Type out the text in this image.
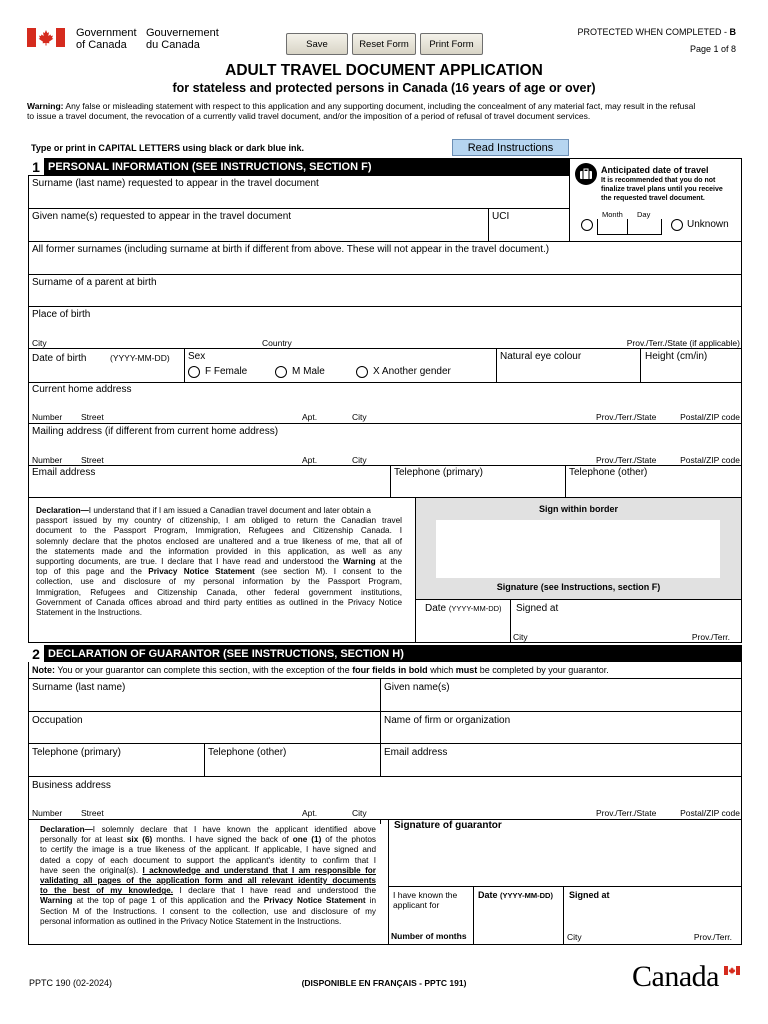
Government
of Canada
Gouvernement
du Canada	Save	Reset Form	Print Form
PROTECTED WHEN COMPLETED - B
Page 1 of 8
ADULT TRAVEL DOCUMENT APPLICATION
for stateless and protected persons in Canada (16 years of age or over)
Warning: Any false or misleading statement with respect to this application and any supporting document, including the concealment of any material fact, may result in the refusal
to issue a travel document, the revocation of a currently valid travel document, and/or the imposition of a period of refusal of travel document services.
Type or print in CAPITAL LETTERS using black or dark blue ink.	Read Instructions
1 PERSONAL INFORMATION (SEE INSTRUCTIONS, SECTION F)	Anticipated date of travel
It is recommended that you do not
finalize travel plans until you receive
the requested travel document.
Month Day
Unknown
Surname (last name) requested to appear in the travel document
Given name(s) requested to appear in the travel document	UCI
All former surnames (including surname at birth if different from above. These will not appear in the travel document.)
Surname of a parent at birth
Place of birth
City	Country	Prov./Terr./State (if applicable)
Date of birth	(YYYY-MM-DD) Sex
F Female	M Male	X Another gender
Natural eye colour	Height (cm/in)
Current home address
Number Street	Apt.	City	Prov./Terr./State	Postal/ZIP code
Mailing address (if different from current home address)
Number Street	Apt.	City	Prov./Terr./State	Postal/ZIP code
Email address	Telephone (primary)	Telephone (other)
Declaration—I understand that if I am issued a Canadian travel document and later obtain a
passport issued by my country of citizenship, I am obliged to return the Canadian travel
document to the Passport Program, Immigration, Refugees and Citizenship Canada. I
solemnly declare that the photos enclosed are unaltered and a true likeness of me, that all of
the statements made and the information provided in this application, as well as any
supporting documents, are true. I declare that I have read and understood the Warning at the
top of this page and the Privacy Notice Statement (see section M). I consent to the
collection, use and disclosure of my personal information by the Passport Program,
Immigration, Refugees and Citizenship Canada, other federal government institutions,
Government of Canada offices abroad and third party entities as outlined in the Privacy Notice
Statement in the Instructions.
Sign within border
Signature (see Instructions, section F)
Date (YYYY-MM-DD) Signed at
City	Prov./Terr.
2 DECLARATION OF GUARANTOR (SEE INSTRUCTIONS, SECTION H)
Note: You or your guarantor can complete this section, with the exception of the four fields in bold which must be completed by your guarantor.
Surname (last name)	Given name(s)
Occupation	Name of firm or organization
Telephone (primary)	Telephone (other)	Email address
Business address
Number Street	Apt.	City	Prov./Terr./State	Postal/ZIP code
Declaration—I solemnly declare that I have known the applicant identified above
personally for at least six (6) months. I have signed the back of one (1) of the photos
to certify the image is a true likeness of the applicant. If applicable, I have signed and
dated a copy of each document to support the applicant's identity to confirm that I
have seen the original(s). I acknowledge and understand that I am responsible for
validating all pages of the application form and all relevant identity documents
to the best of my knowledge. I declare that I have read and understood the
Warning at the top of page 1 of this application and the Privacy Notice Statement in
Section M of the Instructions. I consent to the collection, use and disclosure of my
personal information as outlined in the Privacy Notice Statement in the Instructions.
Signature of guarantor
I have known the
applicant for
Number of months
Date (YYYY-MM-DD) Signed at
City	Prov./Terr.
PPTC 190 (02-2024)	(DISPONIBLE EN FRANÇAIS - PPTC 191)	Canada
